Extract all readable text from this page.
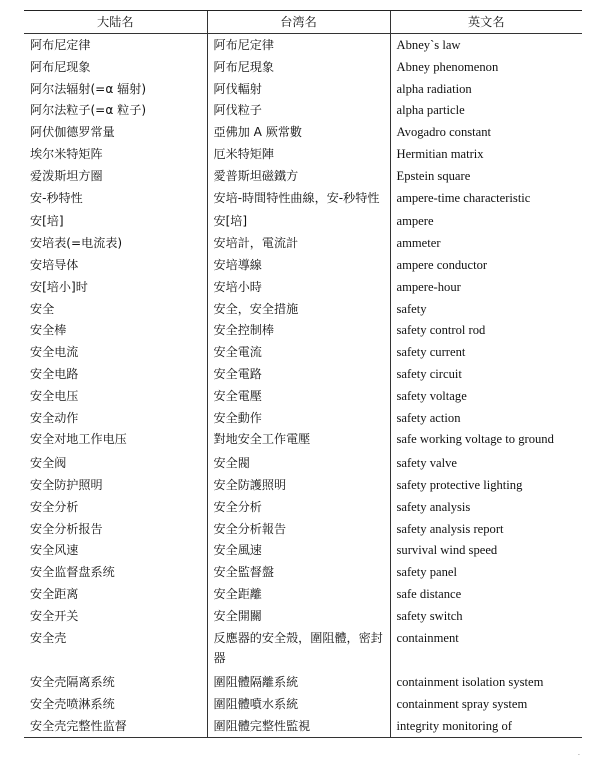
大陆名	台湾名	英文名
阿布尼定律	阿布尼定律	Abney`s law
阿布尼现象	阿布尼現象	Abney phenomenon
阿尔法辐射(=α 辐射)	阿伐輻射	alpha radiation
阿尔法粒子(=α 粒子)	阿伐粒子	alpha particle
阿伏伽德罗常量	亞佛加 A 厥常數	Avogadro constant
埃尔米特矩阵	厄米特矩陣	Hermitian matrix
爱泼斯坦方圈	愛普斯坦磁鐵方	Epstein square
安-秒特性	安培-時間特性曲線，安-秒特性	ampere-time characteristic
安[培]	安[培]	ampere
安培表(=电流表)	安培計，電流計	ammeter
安培导体	安培導線	ampere conductor
安[培小]时	安培小時	ampere-hour
安全	安全，安全措施	safety
安全棒	安全控制棒	safety control rod
安全电流	安全電流	safety current
安全电路	安全電路	safety circuit
安全电压	安全電壓	safety voltage
安全动作	安全動作	safety action
安全对地工作电压	對地安全工作電壓	safe working voltage to ground
安全阀	安全閥	safety valve
安全防护照明	安全防護照明	safety protective lighting
安全分析	安全分析	safety analysis
安全分析报告	安全分析報告	safety analysis report
安全风速	安全風速	survival wind speed
安全监督盘系统	安全監督盤	safety panel
安全距离	安全距離	safe distance
安全开关	安全開關	safety switch
安全壳	反應器的安全殼，圍阻體，密封器	containment
安全壳隔离系统	圍阻體隔離系統	containment isolation system
安全壳喷淋系统	圍阻體噴水系統	containment spray system
安全壳完整性监督	圍阻體完整性監視	integrity monitoring of
·
